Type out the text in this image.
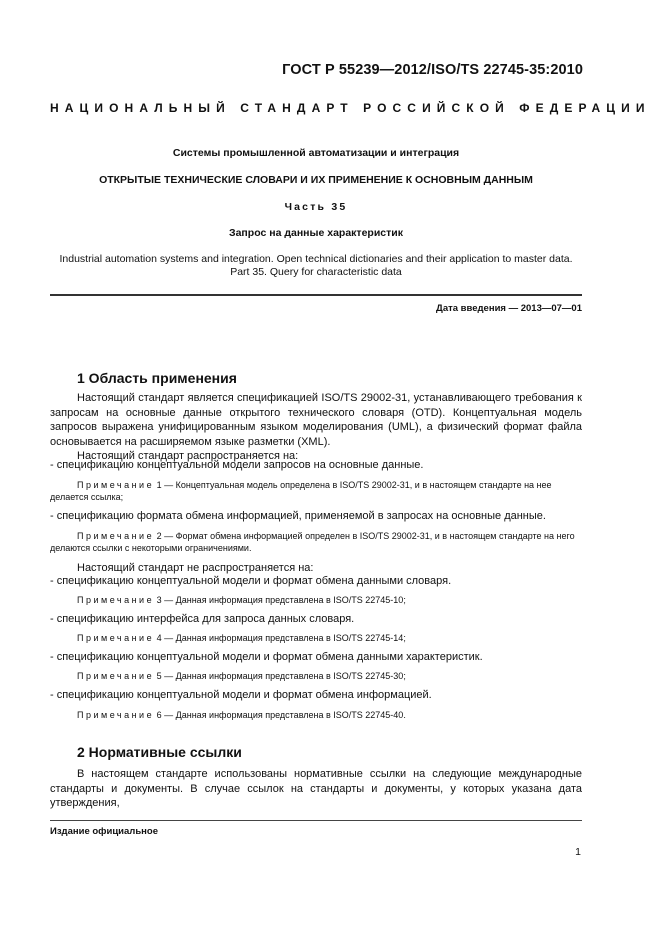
ГОСТ Р 55239—2012/ISO/TS 22745-35:2010
НАЦИОНАЛЬНЫЙ СТАНДАРТ РОССИЙСКОЙ ФЕДЕРАЦИИ
Системы промышленной автоматизации и интеграция
ОТКРЫТЫЕ ТЕХНИЧЕСКИЕ СЛОВАРИ И ИХ ПРИМЕНЕНИЕ К ОСНОВНЫМ ДАННЫМ
Часть 35
Запрос на данные характеристик
Industrial automation systems and integration. Open technical dictionaries and their application to master data.
Part 35. Query for characteristic data
Дата введения — 2013—07—01
1 Область применения

Настоящий стандарт является спецификацией ISO/TS 29002-31, устанавливающего требования к запросам на основные данные открытого технического словаря (OTD). Концептуальная модель запросов выражена унифицированным языком моделирования (UML), а физический формат файла основывается на расширяемом языке разметки (XML).

Настоящий стандарт распространяется на:

- спецификацию концептуальной модели запросов на основные данные.
Примечание 1 — Концептуальная модель определена в ISO/TS 29002-31, и в настоящем стандарте на нее делается ссылка;
- спецификацию формата обмена информацией, применяемой в запросах на основные данные.
Примечание 2 — Формат обмена информацией определен в ISO/TS 29002-31, и в настоящем стандарте на него делаются ссылки с некоторыми ограничениями.
Настоящий стандарт не распространяется на:
- спецификацию концептуальной модели и формат обмена данными словаря.
Примечание 3 — Данная информация представлена в ISO/TS 22745-10;
- спецификацию интерфейса для запроса данных словаря.
Примечание 4 — Данная информация представлена в ISO/TS 22745-14;
- спецификацию концептуальной модели и формат обмена данными характеристик.
Примечание 5 — Данная информация представлена в ISO/TS 22745-30;
- спецификацию концептуальной модели и формат обмена информацией.
Примечание 6 — Данная информация представлена в ISO/TS 22745-40.
2 Нормативные ссылки

В настоящем стандарте использованы нормативные ссылки на следующие международные стандарты и документы. В случае ссылок на стандарты и документы, у которых указана дата утверждения,

Издание официальное
1
